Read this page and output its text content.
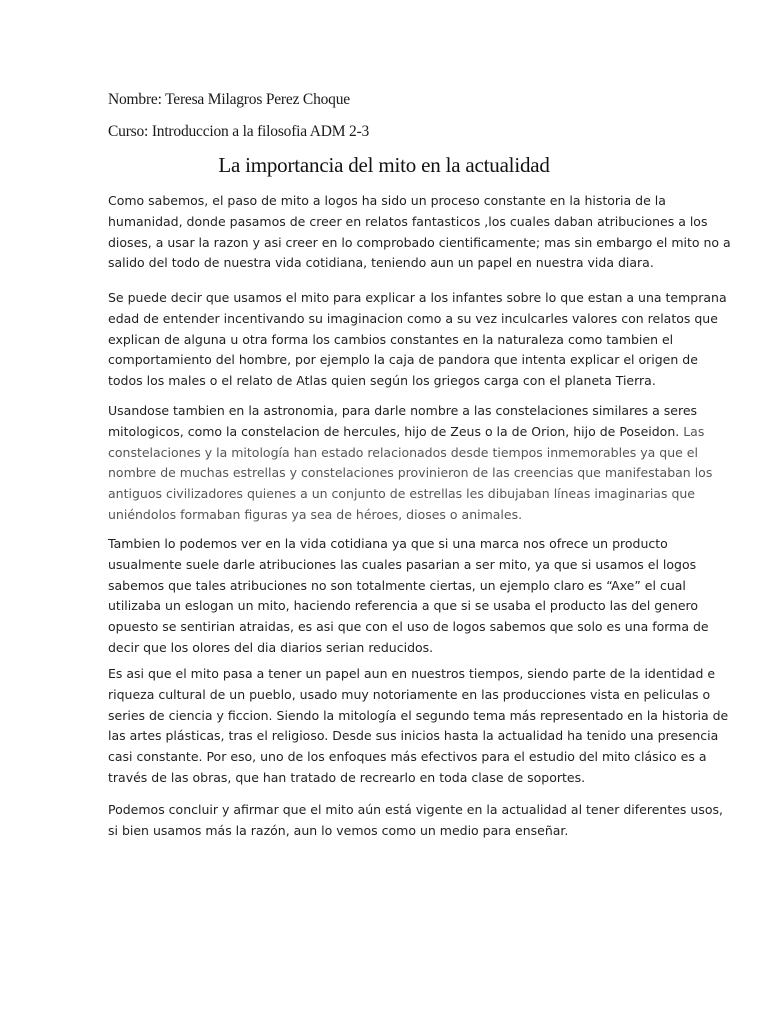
Nombre: Teresa Milagros Perez Choque
Curso: Introduccion a la filosofia ADM 2-3
La importancia del mito en la actualidad
Como sabemos, el paso de mito a logos ha sido un proceso constante en la historia de la
humanidad, donde pasamos de creer en relatos fantasticos ,los cuales daban atribuciones a los
dioses, a usar la razon y asi creer en lo comprobado cientificamente; mas sin embargo el mito no a
salido del todo de nuestra vida cotidiana, teniendo aun un papel en nuestra vida diara.
Se puede decir que usamos el mito para explicar a los infantes sobre lo que estan a una temprana
edad de entender incentivando su imaginacion como a su vez inculcarles valores con relatos que
explican de alguna u otra forma los cambios constantes en la naturaleza como tambien el
comportamiento del hombre, por ejemplo la caja de pandora que intenta explicar el origen de
todos los males o el relato de Atlas quien según los griegos carga con el planeta Tierra.
Usandose tambien en la astronomia, para darle nombre a las constelaciones similares a seres
mitologicos, como la constelacion de hercules, hijo de Zeus o la de Orion, hijo de Poseidon. Las
constelaciones y la mitología han estado relacionados desde tiempos inmemorables ya que el
nombre de muchas estrellas y constelaciones provinieron de las creencias que manifestaban los
antiguos civilizadores quienes a un conjunto de estrellas les dibujaban líneas imaginarias que
uniéndolos formaban figuras ya sea de héroes, dioses o animales.
Tambien lo podemos ver en la vida cotidiana ya que si una marca nos ofrece un producto
usualmente suele darle atribuciones las cuales pasarian a ser mito, ya que si usamos el logos
sabemos que tales atribuciones no son totalmente ciertas, un ejemplo claro es “Axe” el cual
utilizaba un eslogan un mito, haciendo referencia a que si se usaba el producto las del genero
opuesto se sentirian atraidas, es asi que con el uso de logos sabemos que solo es una forma de
decir que los olores del dia diarios serian reducidos.
Es asi que el mito pasa a tener un papel aun en nuestros tiempos, siendo parte de la identidad e
riqueza cultural de un pueblo, usado muy notoriamente en las producciones vista en peliculas o
series de ciencia y ficcion. Siendo la mitología el segundo tema más representado en la historia de
las artes plásticas, tras el religioso. Desde sus inicios hasta la actualidad ha tenido una presencia
casi constante. Por eso, uno de los enfoques más efectivos para el estudio del mito clásico es a
través de las obras, que han tratado de recrearlo en toda clase de soportes.
Podemos concluir y afirmar que el mito aún está vigente en la actualidad al tener diferentes usos,
si bien usamos más la razón, aun lo vemos como un medio para enseñar.
